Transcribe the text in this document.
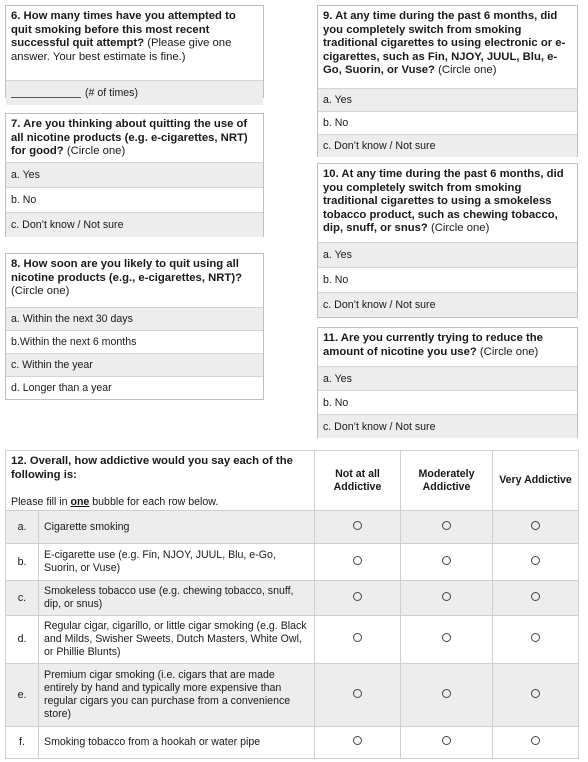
6. How many times have you attempted to quit smoking before this most recent successful quit attempt? (Please give one answer. Your best estimate is fine.)
(# of times)
7. Are you thinking about quitting the use of all nicotine products (e.g. e-cigarettes, NRT) for good? (Circle one)
a. Yes
b. No
c. Don’t know / Not sure
8. How soon are you likely to quit using all nicotine products (e.g., e-cigarettes, NRT)? (Circle one)
a. Within the next 30 days
b.Within the next 6 months
c. Within the year
d. Longer than a year
9. At any time during the past 6 months, did you completely switch from smoking traditional cigarettes to using electronic or e-cigarettes, such as Fin, NJOY, JUUL, Blu, e-Go, Suorin, or Vuse? (Circle one)
a. Yes
b. No
c. Don’t know / Not sure
10. At any time during the past 6 months, did you completely switch from smoking traditional cigarettes to using a smokeless tobacco product, such as chewing tobacco, dip, snuff, or snus? (Circle one)
a. Yes
b. No
c. Don’t know / Not sure
11. Are you currently trying to reduce the amount of nicotine you use? (Circle one)
a. Yes
b. No
c. Don’t know / Not sure
12. Overall, how addictive would you say each of the following is:
Please fill in one bubble for each row below.		Not at all Addictive	Moderately Addictive	Very Addictive
a.	Cigarette smoking			
b.	E-cigarette use (e.g. Fin, NJOY, JUUL, Blu, e-Go, Suorin, or Vuse)			
c.	Smokeless tobacco use (e.g. chewing tobacco, snuff, dip, or snus)			
d.	Regular cigar, cigarillo, or little cigar smoking (e.g. Black and Milds, Swisher Sweets, Dutch Masters, White Owl, or Phillie Blunts)			
e.	Premium cigar smoking (i.e. cigars that are made entirely by hand and typically more expensive than regular cigars you can purchase from a convenience store)			
f.	Smoking tobacco from a hookah or water pipe			
